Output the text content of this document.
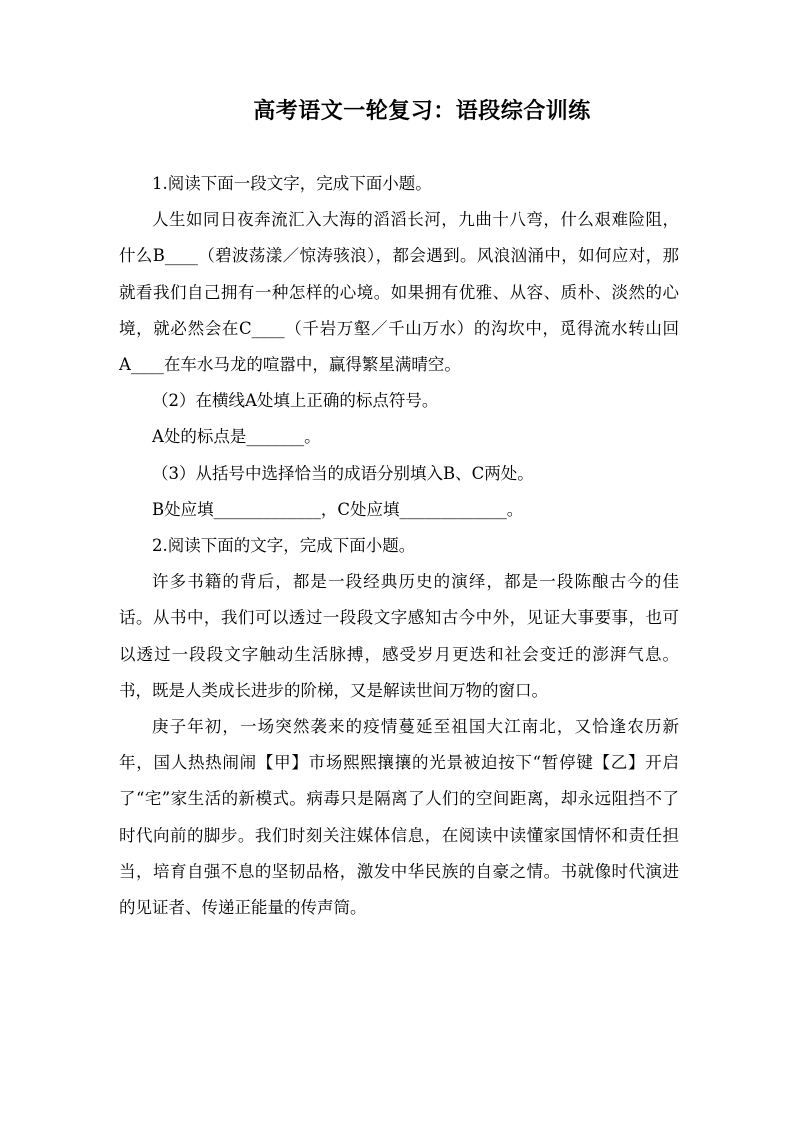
高考语文一轮复习：语段综合训练

1.阅读下面一段文字，完成下面小题。

人生如同日夜奔流汇入大海的滔滔长河，九曲十八弯，什么艰难险阻，什么B____（碧波荡漾／惊涛骇浪），都会遇到。风浪汹涌中，如何应对，那就看我们自己拥有一种怎样的心境。如果拥有优雅、从容、质朴、淡然的心境，就必然会在C____（千岩万壑／千山万水）的沟坎中，觅得流水转山回A____在车水马龙的喧嚣中，赢得繁星满晴空。

（2）在横线A处填上正确的标点符号。

A处的标点是_______。

（3）从括号中选择恰当的成语分别填入B、C两处。

B处应填_____________，C处应填_____________。

2.阅读下面的文字，完成下面小题。

许多书籍的背后，都是一段经典历史的演绎，都是一段陈酿古今的佳话。从书中，我们可以透过一段段文字感知古今中外，见证大事要事，也可以透过一段段文字触动生活脉搏，感受岁月更迭和社会变迁的澎湃气息。书，既是人类成长进步的阶梯，又是解读世间万物的窗口。

庚子年初，一场突然袭来的疫情蔓延至祖国大江南北，又恰逢农历新年，国人热热闹闹【甲】市场熙熙攘攘的光景被迫按下“暂停键【乙】开启了“宅”家生活的新模式。病毒只是隔离了人们的空间距离，却永远阻挡不了时代向前的脚步。我们时刻关注媒体信息，在阅读中读懂家国情怀和责任担当，培育自强不息的坚韧品格，激发中华民族的自豪之情。书就像时代演进的见证者、传递正能量的传声筒。
